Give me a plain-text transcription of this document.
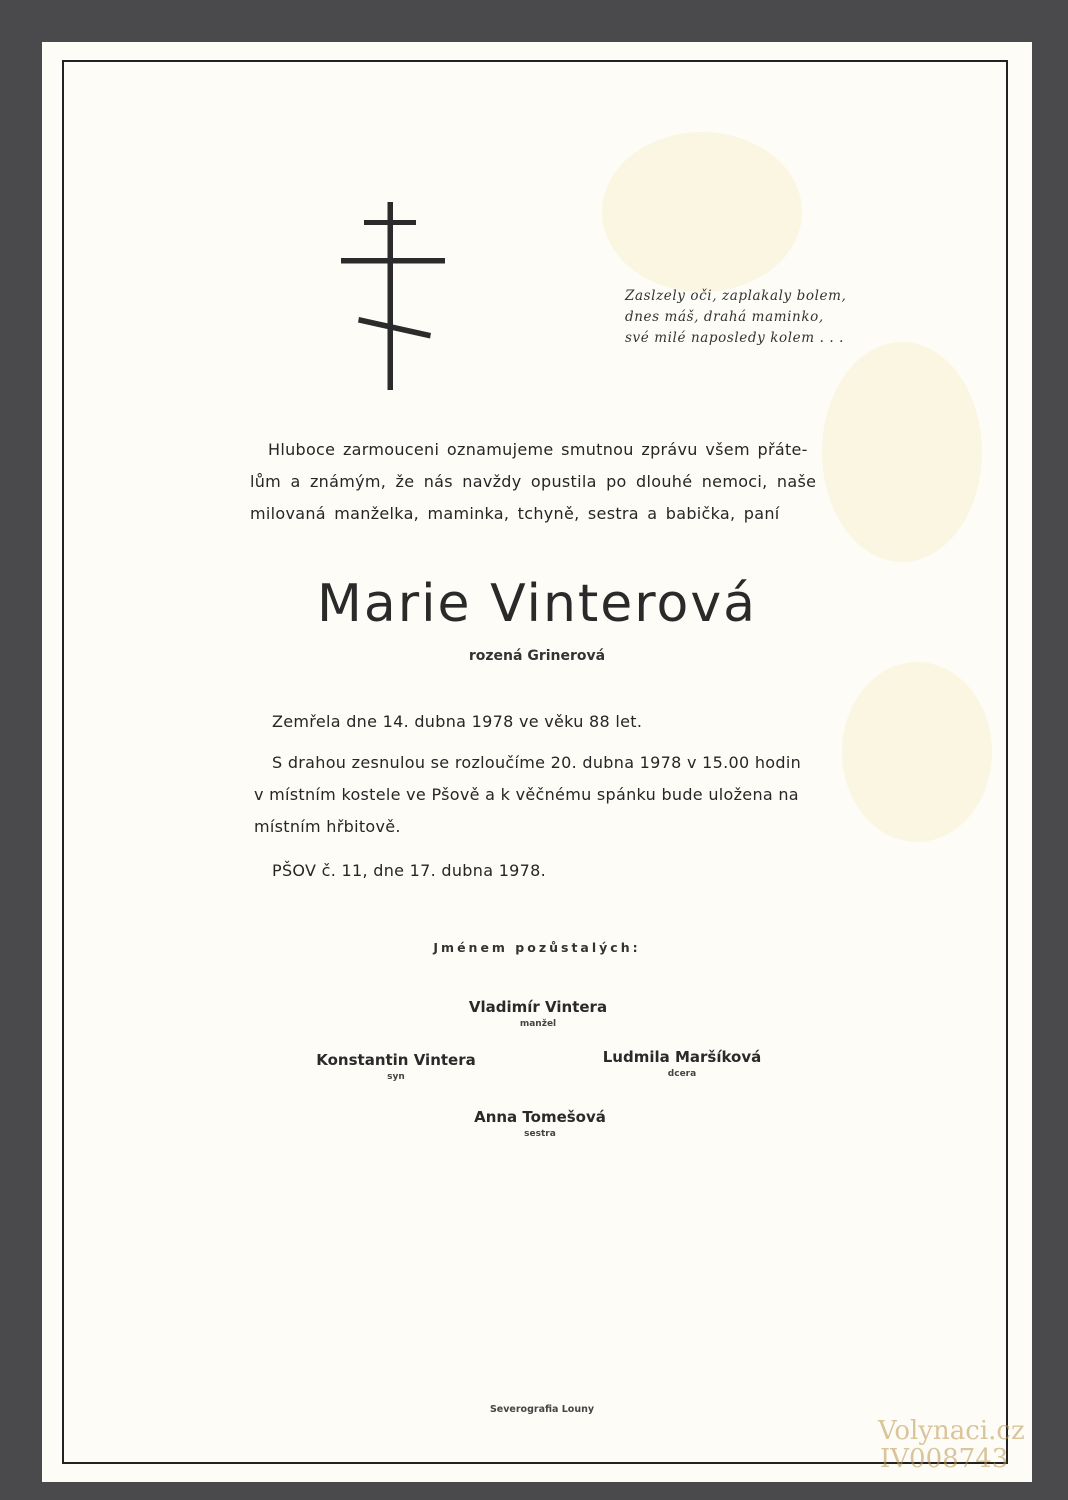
Zaslzely oči, zaplakaly bolem,
dnes máš, drahá maminko,
své milé naposledy kolem . . .
Hluboce zarmouceni oznamujeme smutnou zprávu všem přáte-
lům a známým, že nás navždy opustila po dlouhé nemoci, naše
milovaná manželka, maminka, tchyně, sestra a babička, paní
Marie Vinterová
rozená Grinerová
Zemřela dne 14. dubna 1978 ve věku 88 let.
S drahou zesnulou se rozloučíme 20. dubna 1978 v 15.00 hodin
v místním kostele ve Pšově a k věčnému spánku bude uložena na
místním hřbitově.
PŠOV č. 11, dne 17. dubna 1978.
Jménem pozůstalých:
Vladimír Vintera
manžel
Konstantin Vintera
syn
Ludmila Maršíková
dcera
Anna Tomešová
sestra
Severografia Louny
Volynaci.cz
IV008743
